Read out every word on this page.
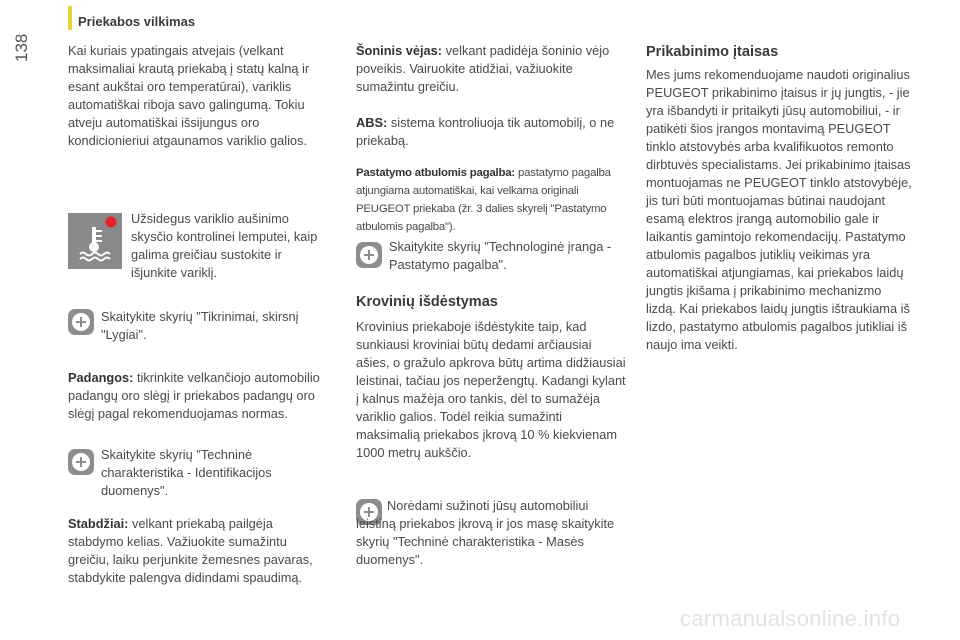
Priekabos vilkimas
138	Kai kuriais ypatingais atvejais (velkant maksimaliai krautą priekabą į statų kalną ir esant aukštai oro temperatūrai), variklis automatiškai riboja savo galingumą. Tokiu atveju automatiškai išsijungus oro kondicionieriui atgaunamos variklio galios.

Užsidegus variklio aušinimo skysčio kontrolinei lemputei, kaip galima greičiau sustokite ir išjunkite variklį.

Skaitykite skyrių "Tikrinimai, skirsnį "Lygiai".

Padangos: tikrinkite velkančiojo automobilio padangų oro slėgį ir priekabos padangų oro slėgį pagal rekomenduojamas normas.

Skaitykite skyrių "Techninė charakteristika - Identifikacijos duomenys".

Stabdžiai: velkant priekabą pailgėja stabdymo kelias. Važiuokite sumažintu greičiu, laiku perjunkite žemesnes pavaras, stabdykite palengva didindami spaudimą.

Šoninis vėjas: velkant padidėja šoninio vėjo poveikis. Vairuokite atidžiai, važiuokite sumažintu greičiu.

ABS: sistema kontroliuoja tik automobilį, o ne priekabą.

Pastatymo atbulomis pagalba: pastatymo pagalba atjungiama automatiškai, kai velkama originali PEUGEOT priekaba (žr. 3 dalies skyrelį "Pastatymo atbulomis pagalba").

Skaitykite skyrių "Technologinė įranga - Pastatymo pagalba".

Krovinių išdėstymas

Krovinius priekaboje išdėstykite taip, kad sunkiausi kroviniai būtų dedami arčiausiai ašies, o gražulo apkrova būtų artima didžiausiai leistinai, tačiau jos neperžengtų. Kadangi kylant į kalnus mažėja oro tankis, dėl to sumažėja variklio galios. Todėl reikia sumažinti maksimalią priekabos įkrovą 10 % kiekvienam 1000 metrų aukščio.

Norėdami sužinoti jūsų automobiliui leistiną priekabos įkrovą ir jos masę skaitykite skyrių "Techninė charakteristika - Masės duomenys".

Prikabinimo įtaisas

Mes jums rekomenduojame naudoti originalius PEUGEOT prikabinimo įtaisus ir jų jungtis, - jie yra išbandyti ir pritaikyti jūsų automobiliui, - ir patikėti šios įrangos montavimą PEUGEOT tinklo atstovybės arba kvalifikuotos remonto dirbtuvės specialistams. Jei prikabinimo įtaisas montuojamas ne PEUGEOT tinklo atstovybėje, jis turi būti montuojamas būtinai naudojant esamą elektros įrangą automobilio gale ir laikantis gamintojo rekomendacijų. Pastatymo atbulomis pagalbos jutiklių veikimas yra automatiškai atjungiamas, kai priekabos laidų jungtis įkišama į prikabinimo mechanizmo lizdą. Kai priekabos laidų jungtis ištraukiama iš lizdo, pastatymo atbulomis pagalbos jutikliai iš naujo ima veikti.

carmanualsonline.info
